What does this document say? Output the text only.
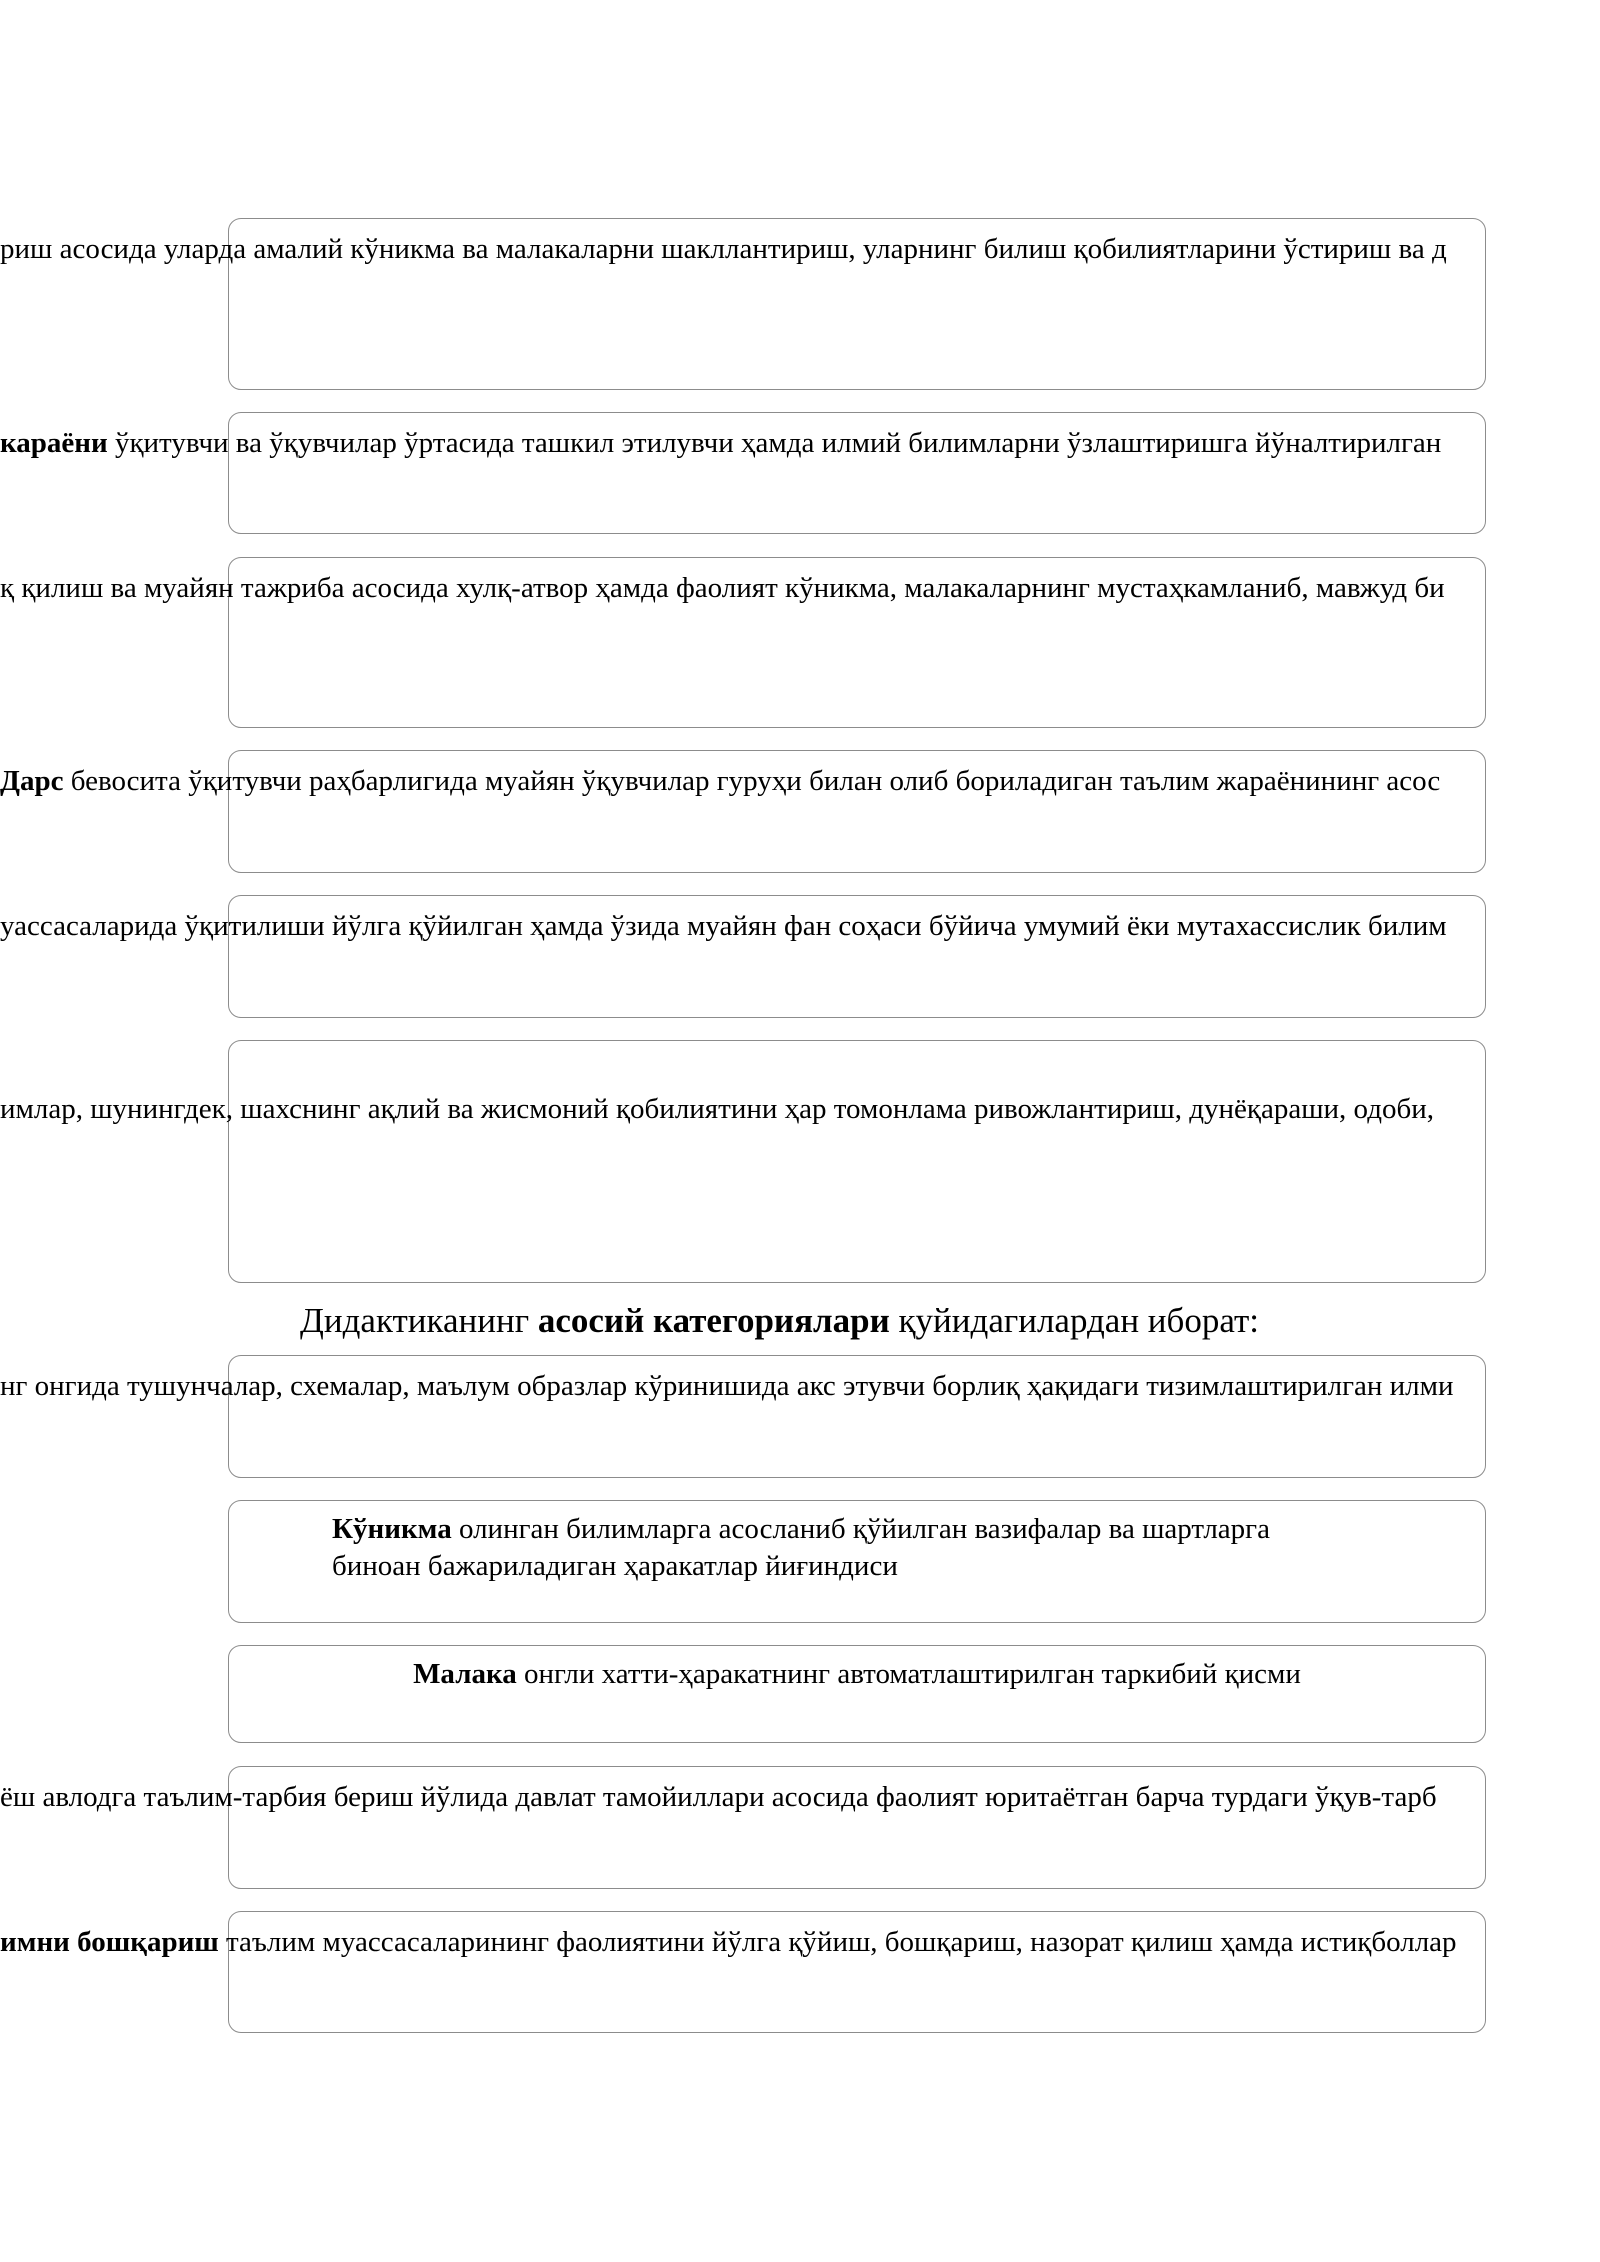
риш асосида уларда амалий кўникма ва малакаларни шакллантириш, уларнинг билиш қобилиятларини ўстириш ва д
караёни ўқитувчи ва ўқувчилар ўртасида ташкил этилувчи ҳамда илмий билимларни ўзлаштиришга йўналтирилган
қ қилиш ва муайян тажриба асосида хулқ-атвор ҳамда фаолият кўникма, малакаларнинг мустаҳкамланиб, мавжуд би
Дарс бевосита ўқитувчи раҳбарлигида муайян ўқувчилар гуруҳи билан олиб бориладиган таълим жараёнининг асос
уассасаларида ўқитилиши йўлга қўйилган ҳамда ўзида муайян фан соҳаси бўйича умумий ёки мутахассислик билим
имлар, шунингдек, шахснинг ақлий ва жисмоний қобилиятини ҳар томонлама ривожлантириш, дунёқараши, одоби,
Дидактиканинг асосий категориялари қуйидагилардан иборат:
нг онгида тушунчалар, схемалар, маълум образлар кўринишида акс этувчи борлиқ ҳақидаги тизимлаштирилган илми
Кўникма олинган билимларга асосланиб қўйилган вазифалар ва шартларга
биноан бажариладиган ҳаракатлар йиғиндиси
Малака онгли хатти-ҳаракатнинг автоматлаштирилган таркибий қисми
ёш авлодга таълим-тарбия бериш йўлида давлат тамойиллари асосида фаолият юритаётган барча турдаги ўқув-тарб
имни бошқариш таълим муассасаларининг фаолиятини йўлга қўйиш, бошқариш, назорат қилиш ҳамда истиқболлар
